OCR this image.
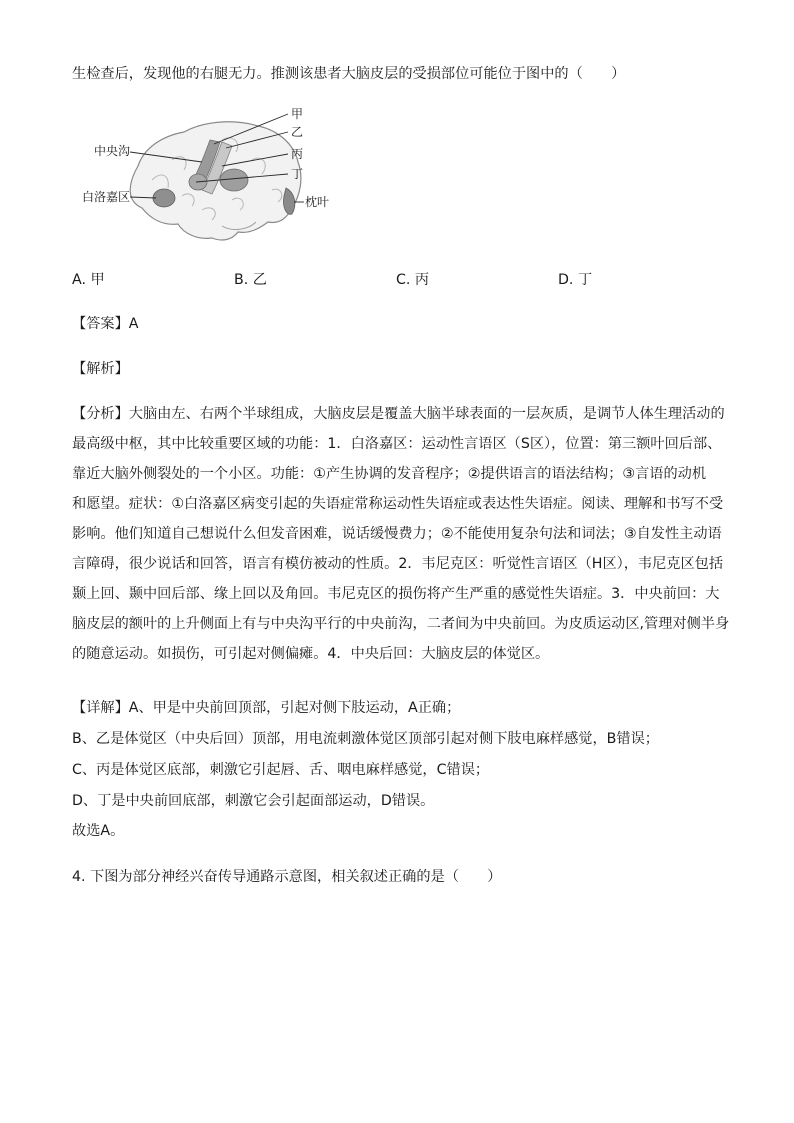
生检查后，发现他的右腿无力。推测该患者大脑皮层的受损部位可能位于图中的（　　）
甲
乙
丙
丁
中央沟
白洛嘉区	枕叶
A. 甲	B. 乙	C. 丙	D. 丁
【答案】A
【解析】
【分析】大脑由左、右两个半球组成，大脑皮层是覆盖大脑半球表面的一层灰质，是调节人体生理活动的
最高级中枢，其中比较重要区域的功能：1．白洛嘉区：运动性言语区（S区），位置：第三额叶回后部、
靠近大脑外侧裂处的一个小区。功能：①产生协调的发音程序；②提供语言的语法结构；③言语的动机
和愿望。症状：①白洛嘉区病变引起的失语症常称运动性失语症或表达性失语症。阅读、理解和书写不受
影响。他们知道自己想说什么但发音困难，说话缓慢费力；②不能使用复杂句法和词法；③自发性主动语
言障碍，很少说话和回答，语言有模仿被动的性质。2．韦尼克区：听觉性言语区（H区），韦尼克区包括
颞上回、颞中回后部、缘上回以及角回。韦尼克区的损伤将产生严重的感觉性失语症。3．中央前回：大
脑皮层的额叶的上升侧面上有与中央沟平行的中央前沟，二者间为中央前回。为皮质运动区,管理对侧半身
的随意运动。如损伤，可引起对侧偏瘫。4．中央后回：大脑皮层的体觉区。
【详解】A、甲是中央前回顶部，引起对侧下肢运动，A正确；
B、乙是体觉区（中央后回）顶部，用电流刺激体觉区顶部引起对侧下肢电麻样感觉，B错误；
C、丙是体觉区底部，刺激它引起唇、舌、咽电麻样感觉，C错误；
D、丁是中央前回底部，刺激它会引起面部运动，D错误。
故选A。
4. 下图为部分神经兴奋传导通路示意图，相关叙述正确的是（　　）
